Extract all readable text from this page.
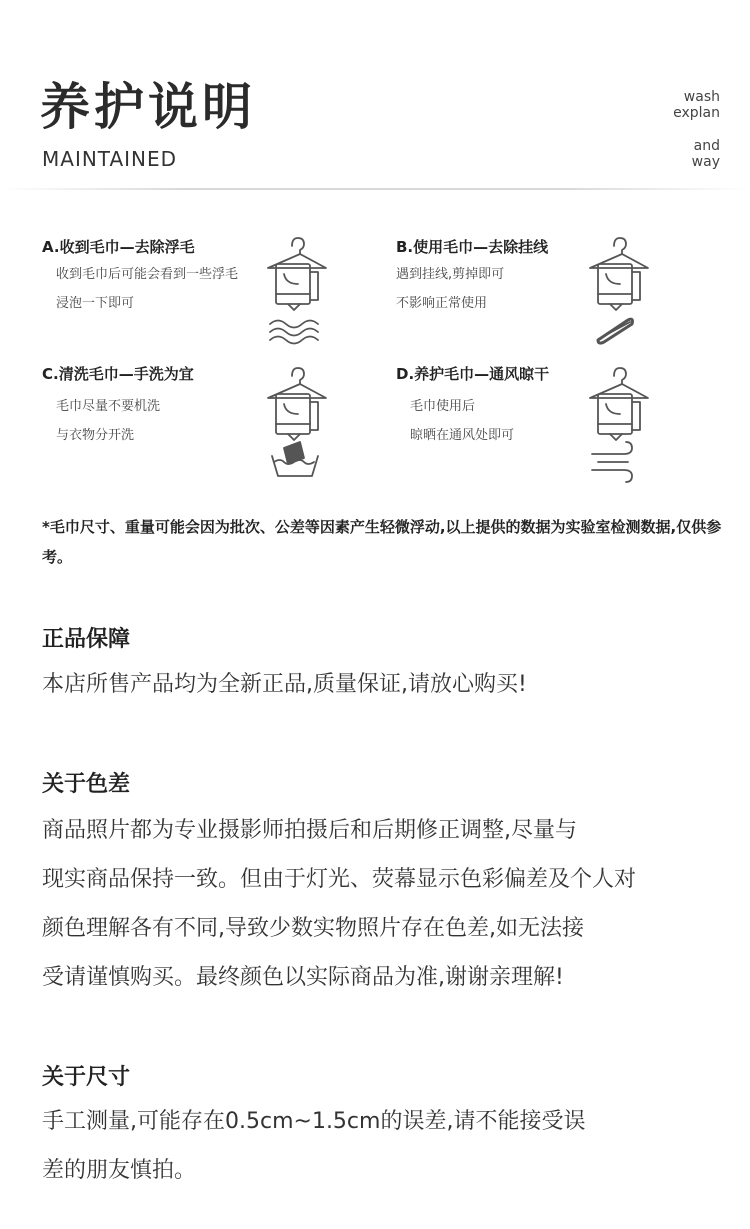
养护说明
MAINTAINED
wash
explan
and
way
A.收到毛巾—去除浮毛
收到毛巾后可能会看到一些浮毛
浸泡一下即可
B.使用毛巾—去除挂线
遇到挂线,剪掉即可
不影响正常使用
C.清洗毛巾—手洗为宜
毛巾尽量不要机洗
与衣物分开洗
D.养护毛巾—通风晾干
毛巾使用后
晾晒在通风处即可
*毛巾尺寸、重量可能会因为批次、公差等因素产生轻微浮动,以上提供的数据为实验室检测数据,仅供参考。
正品保障
本店所售产品均为全新正品,质量保证,请放心购买!
关于色差
商品照片都为专业摄影师拍摄后和后期修正调整,尽量与
现实商品保持一致。但由于灯光、荧幕显示色彩偏差及个人对
颜色理解各有不同,导致少数实物照片存在色差,如无法接
受请谨慎购买。最终颜色以实际商品为准,谢谢亲理解!
关于尺寸
手工测量,可能存在0.5cm~1.5cm的误差,请不能接受误
差的朋友慎拍。
